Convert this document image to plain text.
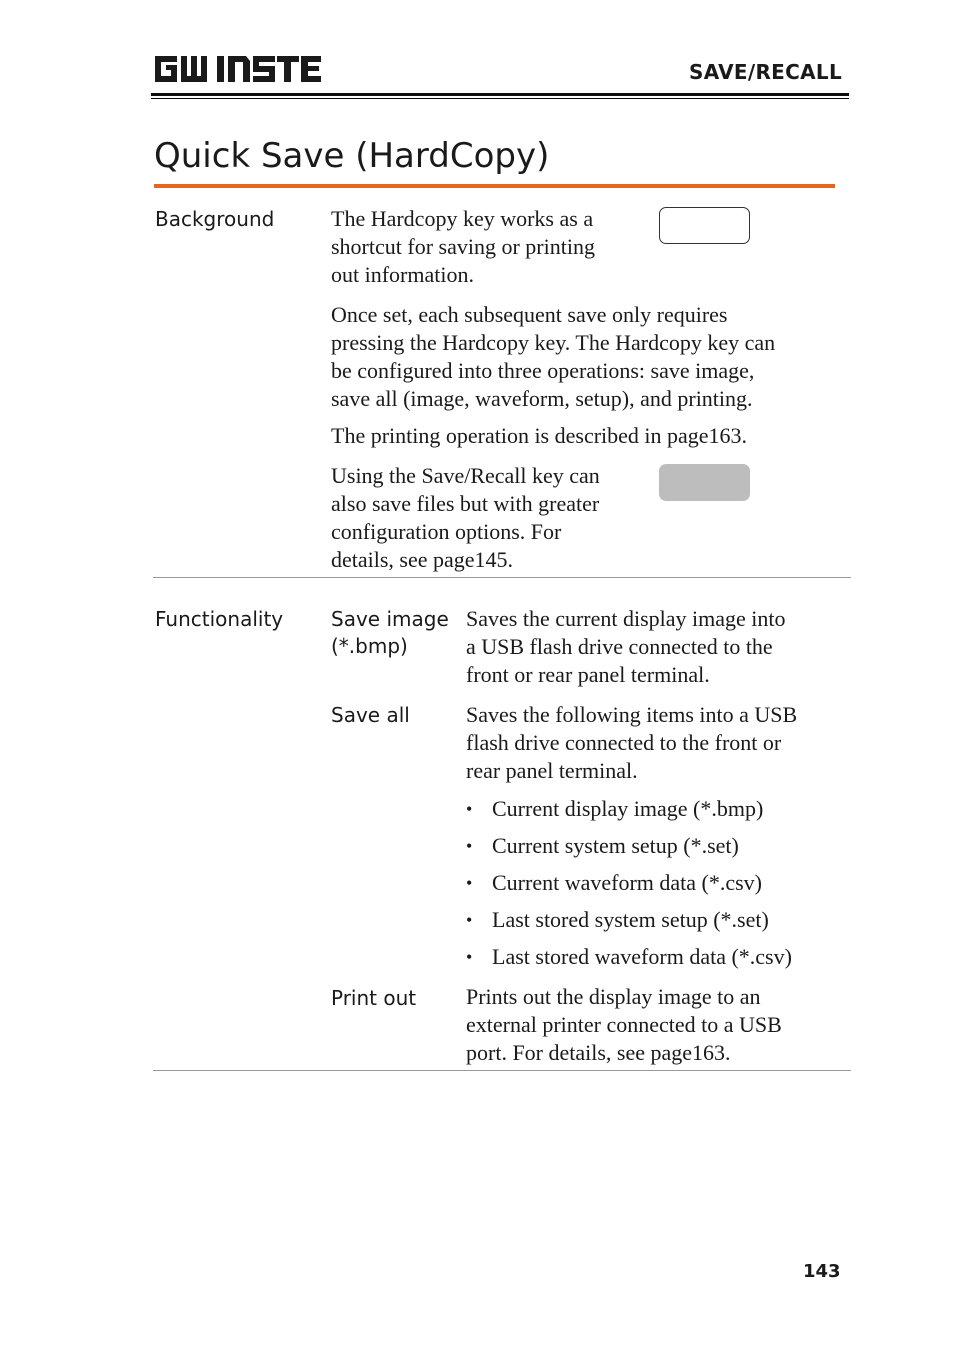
SAVE/RECALL
Quick Save (HardCopy)
Background	The Hardcopy key works as a
shortcut for saving or printing
out information.
Once set, each subsequent save only requires
pressing the Hardcopy key. The Hardcopy key can
be configured into three operations: save image,
save all (image, waveform, setup), and printing.
The printing operation is described in page163.
Using the Save/Recall key can
also save files but with greater
configuration options. For
details, see page145.
Functionality Save image
(*.bmp)
Saves the current display image into
a USB flash drive connected to the
front or rear panel terminal.
Save all	Saves the following items into a USB
flash drive connected to the front or
rear panel terminal.
• Current display image (*.bmp)
• Current system setup (*.set)
• Current waveform data (*.csv)
• Last stored system setup (*.set)
• Last stored waveform data (*.csv)
Print out Prints out the display image to an
external printer connected to a USB
port. For details, see page163.
143
